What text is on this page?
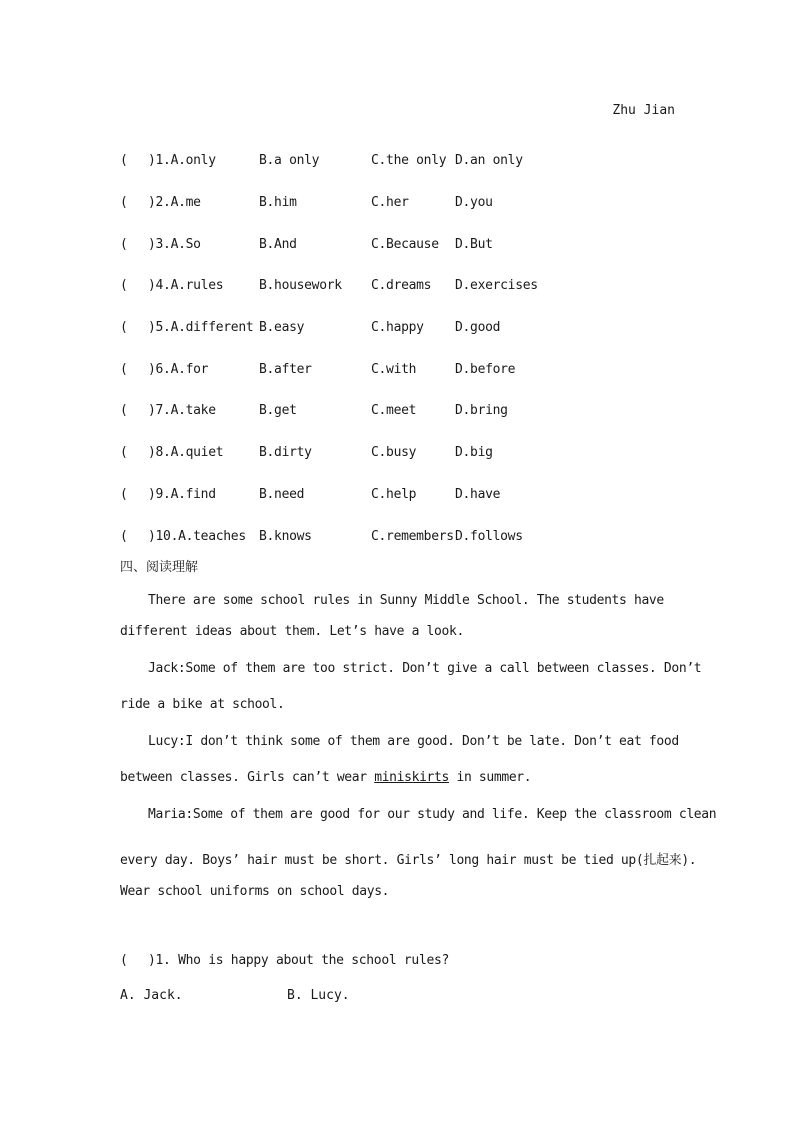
Zhu Jian
(	)1.A.only	B.a only	C.the only D.an only
(	)2.A.me	B.him	C.her	D.you
(	)3.A.So	B.And	C.Because	D.But
(	)4.A.rules	B.housework	C.dreams	D.exercises
(	)5.A.different B.easy	C.happy	D.good
(	)6.A.for	B.after	C.with	D.before
(	)7.A.take	B.get	C.meet	D.bring
(	)8.A.quiet	B.dirty	C.busy	D.big
(	)9.A.find	B.need	C.help	D.have
(	)10.A.teaches	B.knows	C.remembers D.follows
四、阅读理解
There are some school rules in Sunny Middle School. The students have
different ideas about them. Let’s have a look.
Jack:Some of them are too strict. Don’t give a call between classes. Don’t
ride a bike at school.
Lucy:I don’t think some of them are good. Don’t be late. Don’t eat food
between classes. Girls can’t wear miniskirts in summer.
Maria:Some of them are good for our study and life. Keep the classroom clean
every day. Boys’ hair must be short. Girls’ long hair must be tied up(扎起来).
Wear school uniforms on school days.
( )1. Who is happy about the school rules?
A. Jack.	B. Lucy.
